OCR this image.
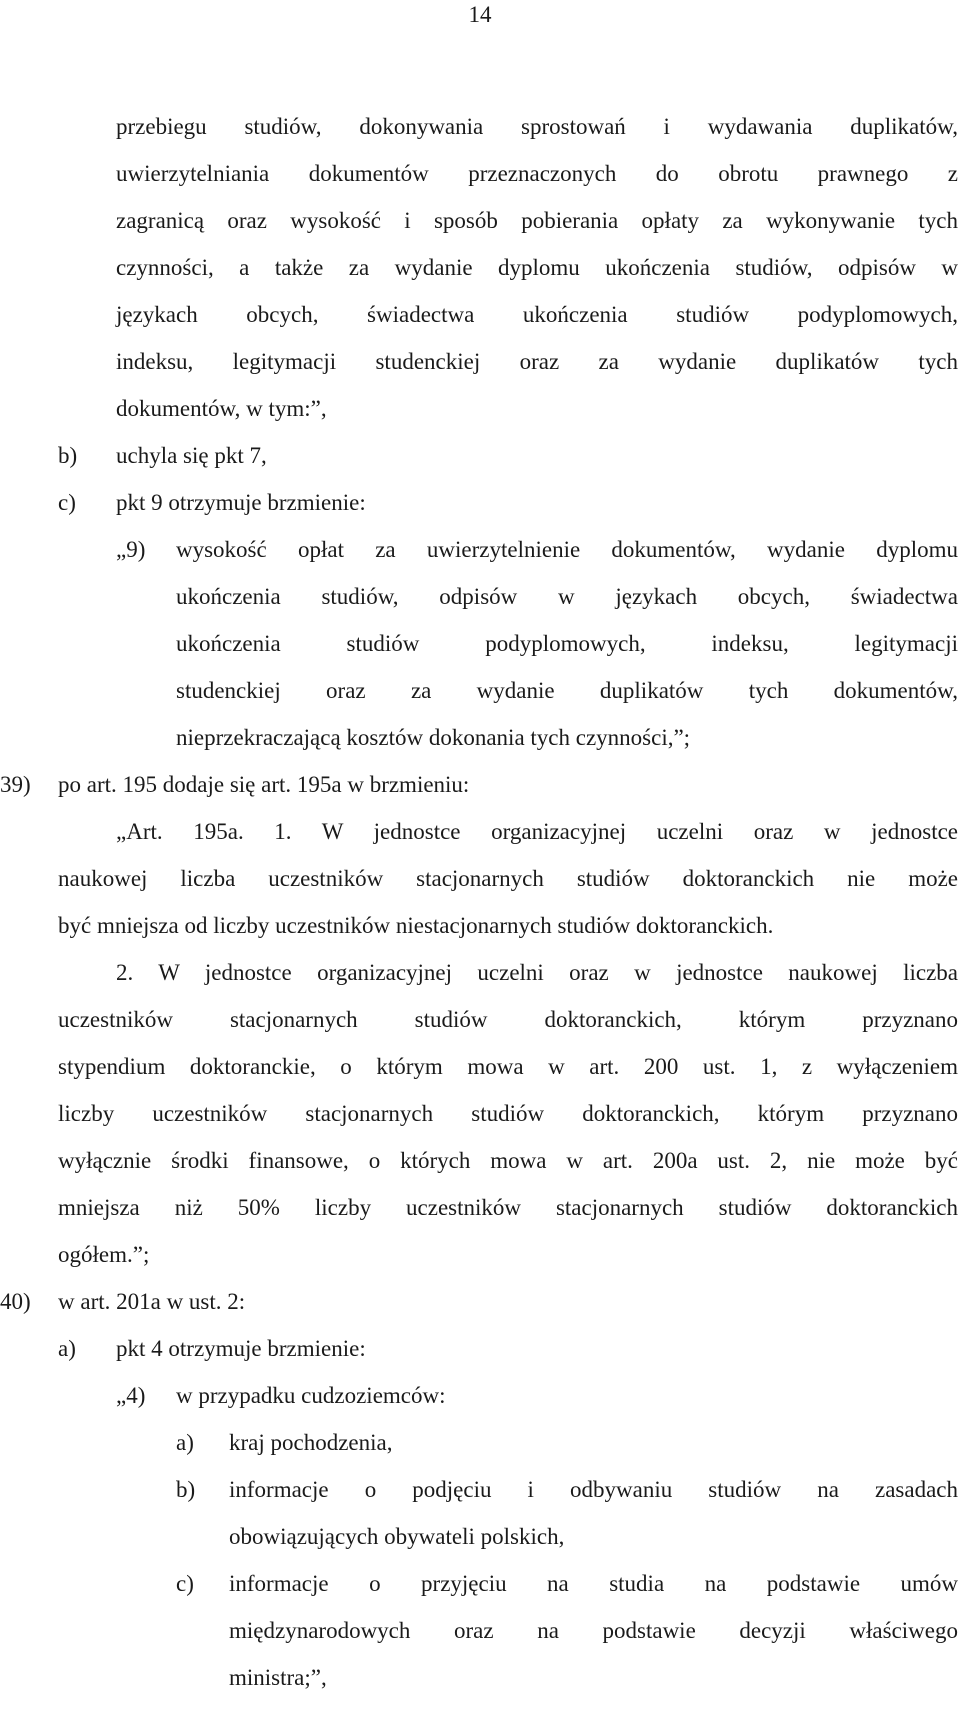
14
przebiegu studiów, dokonywania sprostowań i wydawania duplikatów,
uwierzytelniania dokumentów przeznaczonych do obrotu prawnego z
zagranicą oraz wysokość i sposób pobierania opłaty za wykonywanie tych
czynności, a także za wydanie dyplomu ukończenia studiów, odpisów w
językach obcych, świadectwa ukończenia studiów podyplomowych,
indeksu, legitymacji studenckiej oraz za wydanie duplikatów tych
dokumentów, w tym:”,
b) uchyla się pkt 7,
c) pkt 9 otrzymuje brzmienie:
„9) wysokość opłat za uwierzytelnienie dokumentów, wydanie dyplomu
ukończenia studiów, odpisów w językach obcych, świadectwa
ukończenia studiów podyplomowych, indeksu, legitymacji
studenckiej oraz za wydanie duplikatów tych dokumentów,
nieprzekraczającą kosztów dokonania tych czynności,”;
39) po art. 195 dodaje się art. 195a w brzmieniu:
„Art. 195a. 1. W jednostce organizacyjnej uczelni oraz w jednostce
naukowej liczba uczestników stacjonarnych studiów doktoranckich nie może
być mniejsza od liczby uczestników niestacjonarnych studiów doktoranckich.
2. W jednostce organizacyjnej uczelni oraz w jednostce naukowej liczba
uczestników stacjonarnych studiów doktoranckich, którym przyznano
stypendium doktoranckie, o którym mowa w art. 200 ust. 1, z wyłączeniem
liczby uczestników stacjonarnych studiów doktoranckich, którym przyznano
wyłącznie środki finansowe, o których mowa w art. 200a ust. 2, nie może być
mniejsza niż 50% liczby uczestników stacjonarnych studiów doktoranckich
ogółem.”;
40) w art. 201a w ust. 2:
a) pkt 4 otrzymuje brzmienie:
„4) w przypadku cudzoziemców:
a) kraj pochodzenia,
b) informacje o podjęciu i odbywaniu studiów na zasadach
obowiązujących obywateli polskich,
c) informacje o przyjęciu na studia na podstawie umów
międzynarodowych oraz na podstawie decyzji właściwego
ministra;”,
